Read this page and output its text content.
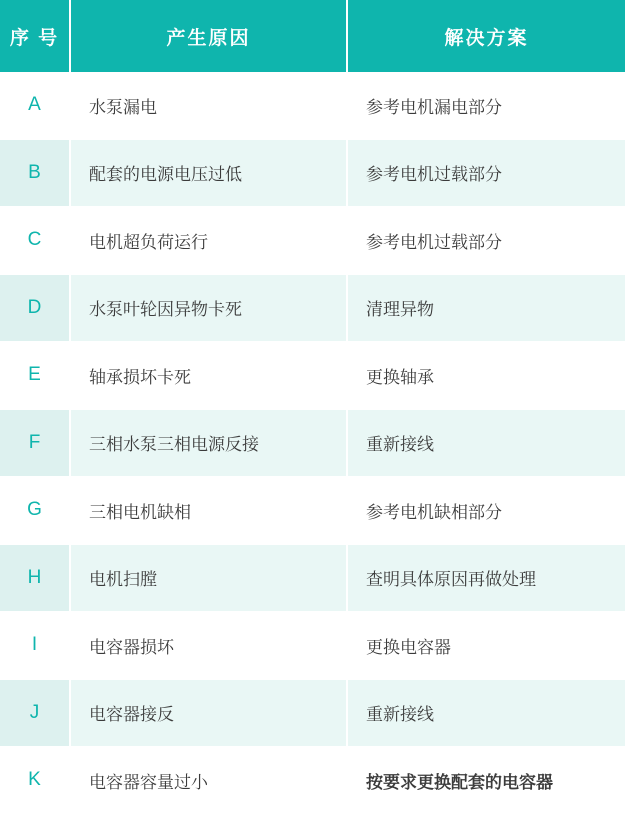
序 号	产生原因	解决方案
A	水泵漏电	参考电机漏电部分
B	配套的电源电压过低	参考电机过载部分
C	电机超负荷运行	参考电机过载部分
D	水泵叶轮因异物卡死	清理异物
E	轴承损坏卡死	更换轴承
F	三相水泵三相电源反接	重新接线
G	三相电机缺相	参考电机缺相部分
H	电机扫膛	查明具体原因再做处理
I	电容器损坏	更换电容器
J	电容器接反	重新接线
K	电容器容量过小	按要求更换配套的电容器
